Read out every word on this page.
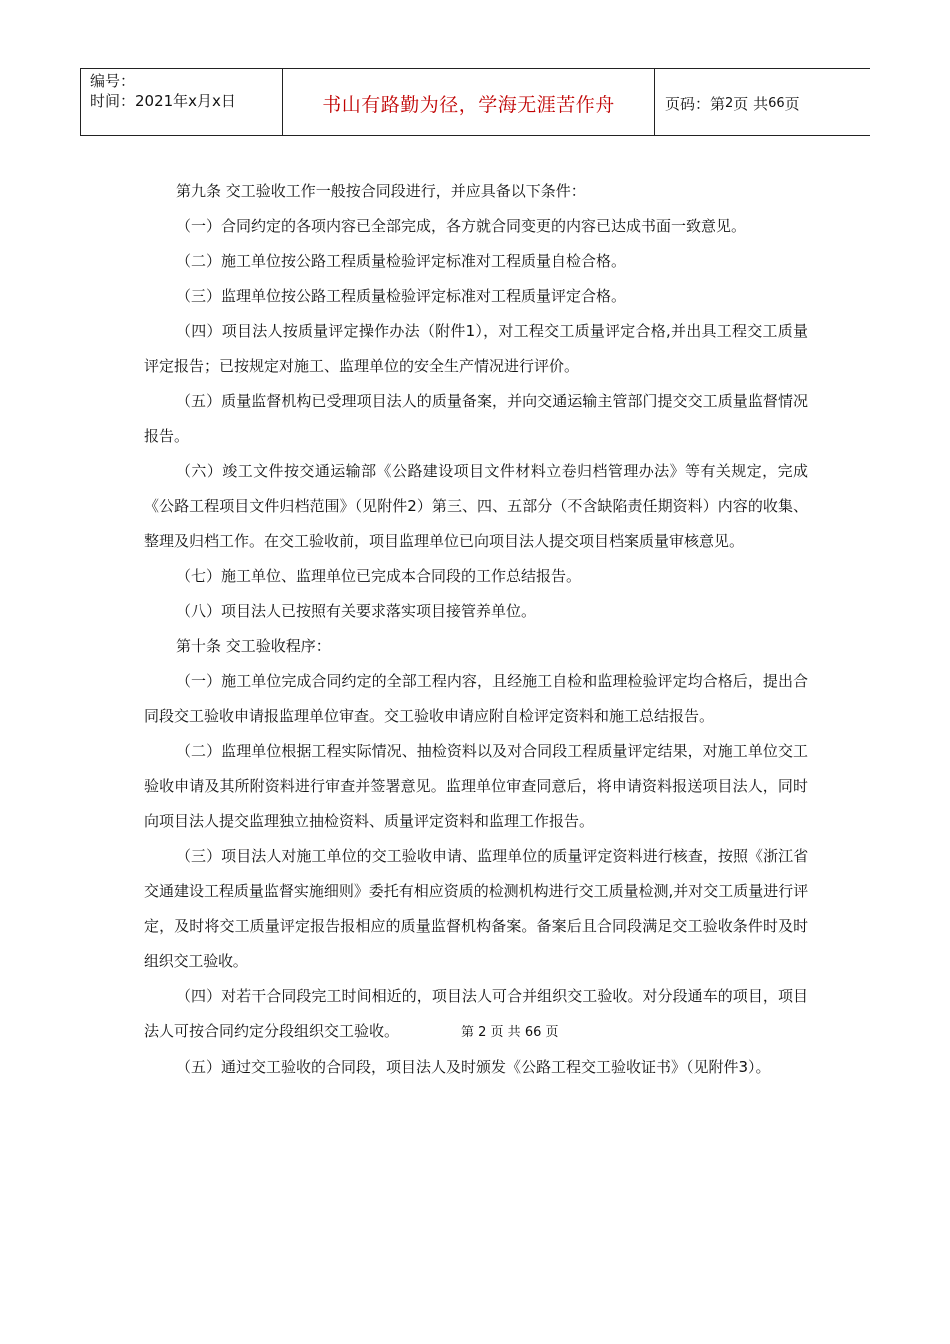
编号：
时间：2021年x月x日	书山有路勤为径，学海无涯苦作舟	页码：第 2 页 共 66 页

第九条 交工验收工作一般按合同段进行，并应具备以下条件：

（一）合同约定的各项内容已全部完成，各方就合同变更的内容已达成书面一致意见。

（二）施工单位按公路工程质量检验评定标准对工程质量自检合格。

（三）监理单位按公路工程质量检验评定标准对工程质量评定合格。

（四）项目法人按质量评定操作办法（附件1），对工程交工质量评定合格,并出具工程交工质量评定报告；已按规定对施工、监理单位的安全生产情况进行评价。

（五）质量监督机构已受理项目法人的质量备案，并向交通运输主管部门提交交工质量监督情况报告。

（六）竣工文件按交通运输部《公路建设项目文件材料立卷归档管理办法》等有关规定，完成《公路工程项目文件归档范围》（见附件2）第三、四、五部分（不含缺陷责任期资料）内容的收集、整理及归档工作。在交工验收前，项目监理单位已向项目法人提交项目档案质量审核意见。

（七）施工单位、监理单位已完成本合同段的工作总结报告。

（八）项目法人已按照有关要求落实项目接管养单位。

第十条 交工验收程序：

（一）施工单位完成合同约定的全部工程内容，且经施工自检和监理检验评定均合格后，提出合同段交工验收申请报监理单位审查。交工验收申请应附自检评定资料和施工总结报告。

（二）监理单位根据工程实际情况、抽检资料以及对合同段工程质量评定结果，对施工单位交工验收申请及其所附资料进行审查并签署意见。监理单位审查同意后，将申请资料报送项目法人，同时向项目法人提交监理独立抽检资料、质量评定资料和监理工作报告。

（三）项目法人对施工单位的交工验收申请、监理单位的质量评定资料进行核查，按照《浙江省交通建设工程质量监督实施细则》委托有相应资质的检测机构进行交工质量检测,并对交工质量进行评定，及时将交工质量评定报告报相应的质量监督机构备案。备案后且合同段满足交工验收条件时及时组织交工验收。

（四）对若干合同段完工时间相近的，项目法人可合并组织交工验收。对分段通车的项目，项目法人可按合同约定分段组织交工验收。	第 2 页 共 66 页

（五）通过交工验收的合同段，项目法人及时颁发《公路工程交工验收证书》（见附件3）。
